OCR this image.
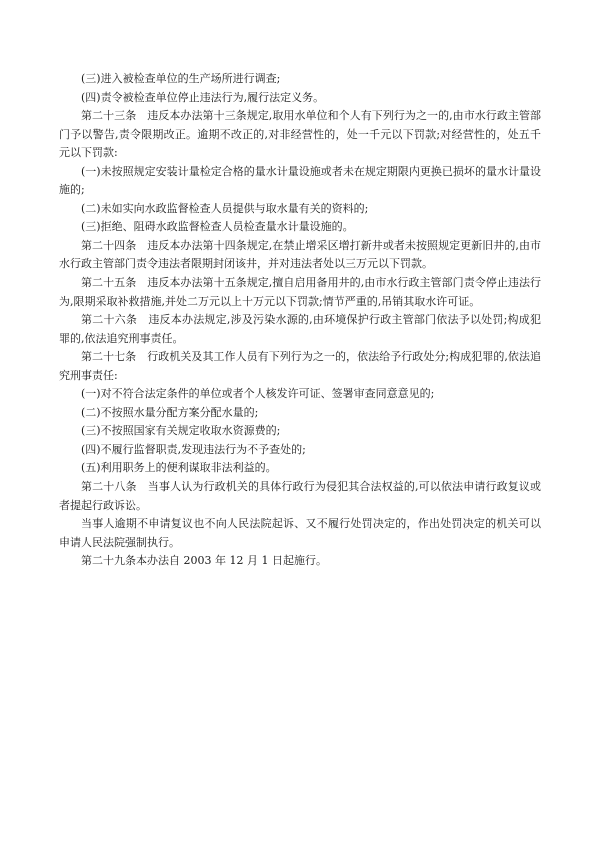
(三)进入被检查单位的生产场所进行调查;

(四)责令被检查单位停止违法行为,履行法定义务。

第二十三条　违反本办法第十三条规定,取用水单位和个人有下列行为之一的,由市水行政主管部门予以警告,责令限期改正。逾期不改正的,对非经营性的，处一千元以下罚款;对经营性的，处五千元以下罚款:

(一)未按照规定安装计量检定合格的量水计量设施或者未在规定期限内更换已损坏的量水计量设施的;

(二)未如实向水政监督检查人员提供与取水量有关的资料的;

(三)拒绝、阻碍水政监督检查人员检查量水计量设施的。

第二十四条　违反本办法第十四条规定,在禁止增采区增打新井或者未按照规定更新旧井的,由市水行政主管部门责令违法者限期封闭该井，并对违法者处以三万元以下罚款。

第二十五条　违反本办法第十五条规定,擅自启用备用井的,由市水行政主管部门责令停止违法行为,限期采取补救措施,并处二万元以上十万元以下罚款;情节严重的,吊销其取水许可证。

第二十六条　违反本办法规定,涉及污染水源的,由环境保护行政主管部门依法予以处罚;构成犯罪的,依法追究刑事责任。

第二十七条　行政机关及其工作人员有下列行为之一的，依法给予行政处分;构成犯罪的,依法追究刑事责任:

(一)对不符合法定条件的单位或者个人核发许可证、签署审查同意意见的;

(二)不按照水量分配方案分配水量的;

(三)不按照国家有关规定收取水资源费的;

(四)不履行监督职责,发现违法行为不予查处的;

(五)利用职务上的便利谋取非法利益的。

第二十八条　当事人认为行政机关的具体行政行为侵犯其合法权益的,可以依法申请行政复议或者提起行政诉讼。

当事人逾期不申请复议也不向人民法院起诉、又不履行处罚决定的，作出处罚决定的机关可以申请人民法院强制执行。

第二十九条本办法自 2003 年 12 月 1 日起施行。
